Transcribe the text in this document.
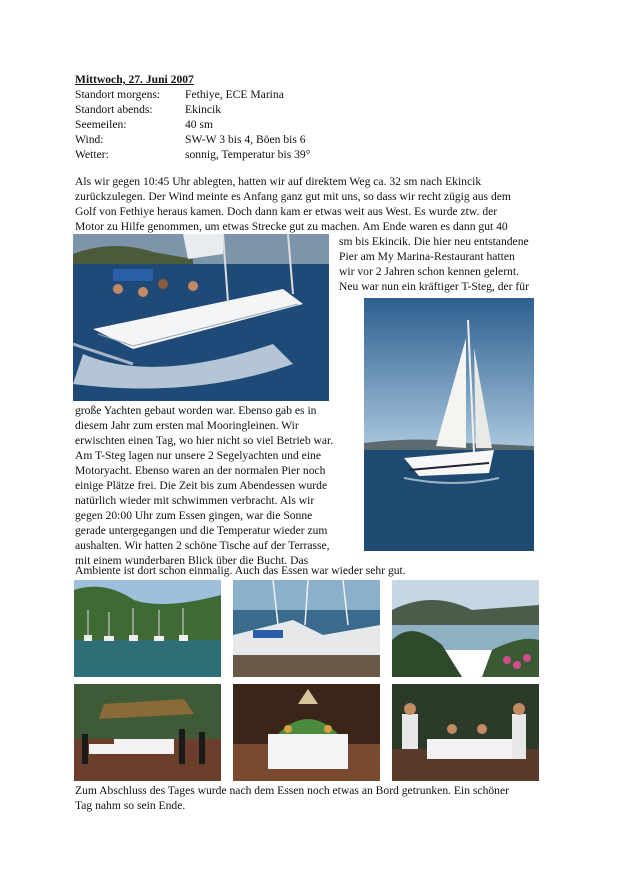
Mittwoch, 27. Juni 2007

Standort morgens: Fethiye, ECE Marina

Standort abends:	Ekincik

Seemeilen:	40 sm

Wind:	SW-W 3 bis 4, Böen bis 6

Wetter:	sonnig, Temperatur bis 39°

Als wir gegen 10:45 Uhr ablegten, hatten wir auf direktem Weg ca. 32 sm nach Ekincik

zurückzulegen. Der Wind meinte es Anfang ganz gut mit uns, so dass wir recht zügig aus dem

Golf von Fethiye heraus kamen. Doch dann kam er etwas weit aus West. Es wurde ztw. der

Motor zu Hilfe genommen, um etwas Strecke gut zu machen. Am Ende waren es dann gut 40

sm bis Ekincik. Die hier neu entstandene

Pier am My Marina-Restaurant hatten

wir vor 2 Jahren schon kennen gelernt.

Neu war nun ein kräftiger T-Steg, der für

große Yachten gebaut worden war. Ebenso gab es in

diesem Jahr zum ersten mal Mooringleinen. Wir

erwischten einen Tag, wo hier nicht so viel Betrieb war.

Am T-Steg lagen nur unsere 2 Segelyachten und eine

Motoryacht. Ebenso waren an der normalen Pier noch

einige Plätze frei. Die Zeit bis zum Abendessen wurde

natürlich wieder mit schwimmen verbracht. Als wir

gegen 20:00 Uhr zum Essen gingen, war die Sonne

gerade untergegangen und die Temperatur wieder zum

aushalten. Wir hatten 2 schöne Tische auf der Terrasse,

mit einem wunderbaren Blick über die Bucht. Das

Ambiente ist dort schon einmalig. Auch das Essen war wieder sehr gut.

Zum Abschluss des Tages wurde nach dem Essen noch etwas an Bord getrunken. Ein schöner

Tag nahm so sein Ende.
